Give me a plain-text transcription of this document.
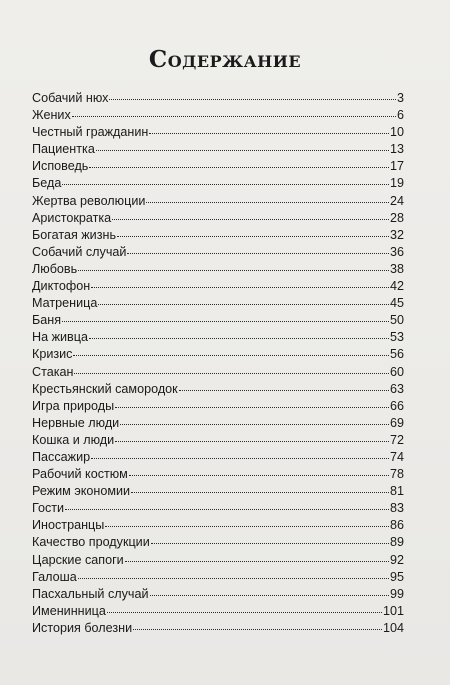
Содержание
Собачий нюх	3
Жених	6
Честный гражданин	10
Пациентка	13
Исповедь	17
Беда	19
Жертва революции	24
Аристократка	28
Богатая жизнь	32
Собачий случай	36
Любовь	38
Диктофон	42
Матреница	45
Баня	50
На живца	53
Кризис	56
Стакан	60
Крестьянский самородок	63
Игра природы	66
Нервные люди	69
Кошка и люди	72
Пассажир	74
Рабочий костюм	78
Режим экономии	81
Гости	83
Иностранцы	86
Качество продукции	89
Царские сапоги	92
Галоша	95
Пасхальный случай	99
Именинница	101
История болезни	104
